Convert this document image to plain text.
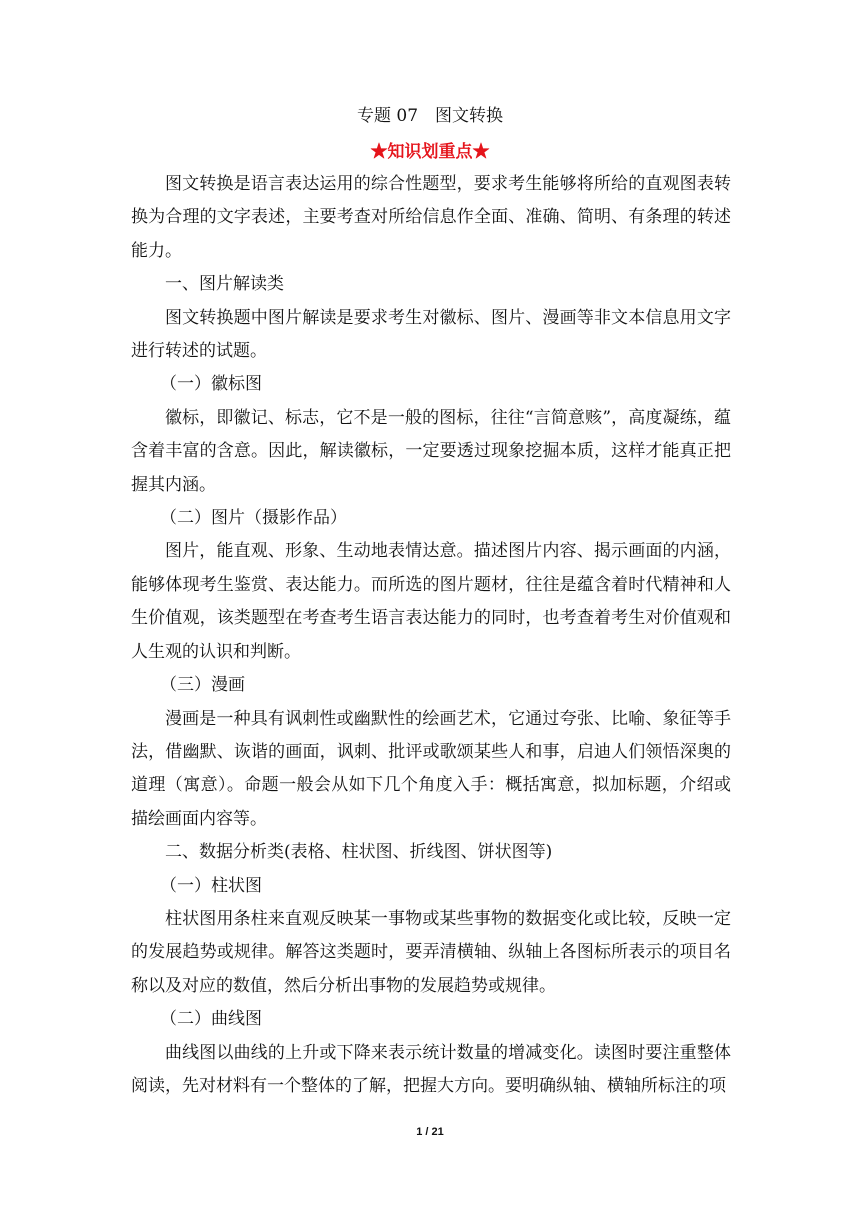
专题 07　图文转换
★知识划重点★

图文转换是语言表达运用的综合性题型，要求考生能够将所给的直观图表转换为合理的文字表述，主要考查对所给信息作全面、准确、简明、有条理的转述能力。

一、图片解读类

图文转换题中图片解读是要求考生对徽标、图片、漫画等非文本信息用文字进行转述的试题。

（一）徽标图

徽标，即徽记、标志，它不是一般的图标，往往“言简意赅”，高度凝练，蕴含着丰富的含意。因此，解读徽标，一定要透过现象挖掘本质，这样才能真正把握其内涵。

（二）图片（摄影作品）

图片，能直观、形象、生动地表情达意。描述图片内容、揭示画面的内涵，能够体现考生鉴赏、表达能力。而所选的图片题材，往往是蕴含着时代精神和人生价值观，该类题型在考查考生语言表达能力的同时，也考查着考生对价值观和人生观的认识和判断。

（三）漫画

漫画是一种具有讽刺性或幽默性的绘画艺术，它通过夸张、比喻、象征等手法，借幽默、诙谐的画面，讽刺、批评或歌颂某些人和事，启迪人们领悟深奥的道理（寓意）。命题一般会从如下几个角度入手：概括寓意，拟加标题，介绍或描绘画面内容等。

二、数据分析类(表格、柱状图、折线图、饼状图等)

（一）柱状图

柱状图用条柱来直观反映某一事物或某些事物的数据变化或比较，反映一定的发展趋势或规律。解答这类题时，要弄清横轴、纵轴上各图标所表示的项目名称以及对应的数值，然后分析出事物的发展趋势或规律。

（二）曲线图

曲线图以曲线的上升或下降来表示统计数量的增减变化。读图时要注重整体阅读，先对材料有一个整体的了解，把握大方向。要明确纵轴、横轴所标注的项

1 / 21
